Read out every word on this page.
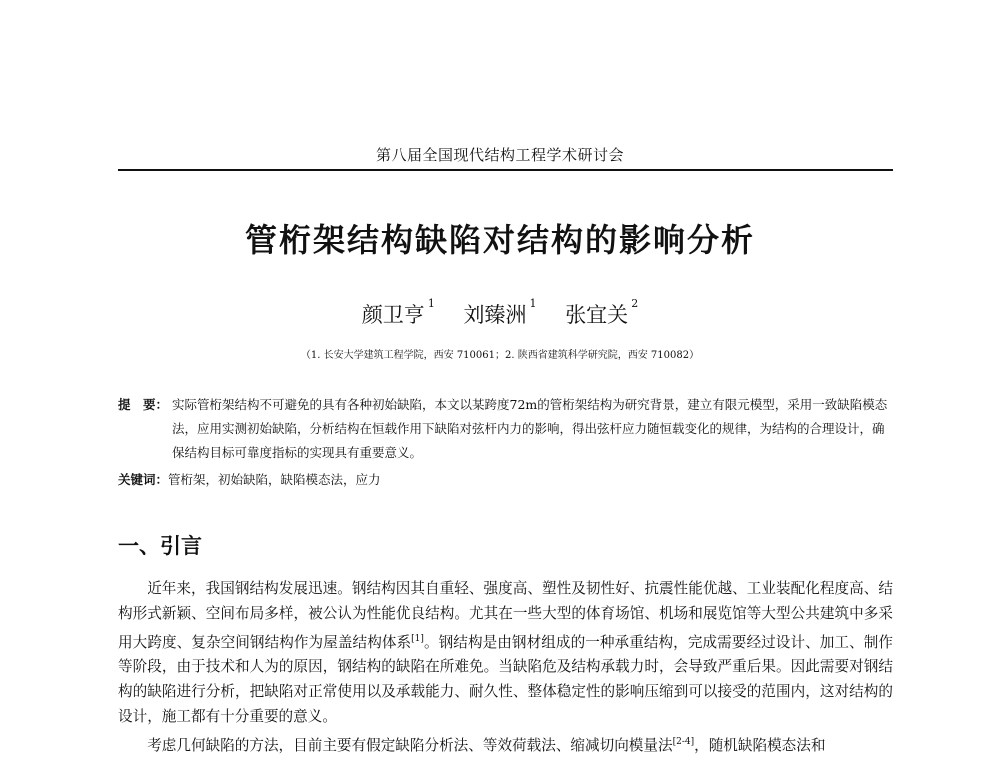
第八届全国现代结构工程学术研讨会
管桁架结构缺陷对结构的影响分析
颜卫亨 $^1$ 刘臻洲 $^1$ 张宜关 $^2$
（1. 长安大学建筑工程学院，西安 710061；2. 陕西省建筑科学研究院，西安 710082）
提　要： 实际管桁架结构不可避免的具有各种初始缺陷，本文以某跨度72m的管桁架结构为研究背景，建立有限元模型，采用一致缺陷模态法，应用实测初始缺陷，分析结构在恒载作用下缺陷对弦杆内力的影响，得出弦杆应力随恒载变化的规律，为结构的合理设计，确保结构目标可靠度指标的实现具有重要意义。
关键词：管桁架，初始缺陷，缺陷模态法，应力
一、引言

近年来，我国钢结构发展迅速。钢结构因其自重轻、强度高、塑性及韧性好、抗震性能优越、工业装配化程度高、结构形式新颖、空间布局多样，被公认为性能优良结构。尤其在一些大型的体育场馆、机场和展览馆等大型公共建筑中多采用大跨度、复杂空间钢结构作为屋盖结构体系[1]。钢结构是由钢材组成的一种承重结构，完成需要经过设计、加工、制作等阶段，由于技术和人为的原因，钢结构的缺陷在所难免。当缺陷危及结构承载力时，会导致严重后果。因此需要对钢结构的缺陷进行分析，把缺陷对正常使用以及承载能力、耐久性、整体稳定性的影响压缩到可以接受的范围内，这对结构的设计，施工都有十分重要的意义。

考虑几何缺陷的方法，目前主要有假定缺陷分析法、等效荷载法、缩减切向模量法[2-4]，随机缺陷模态法和
